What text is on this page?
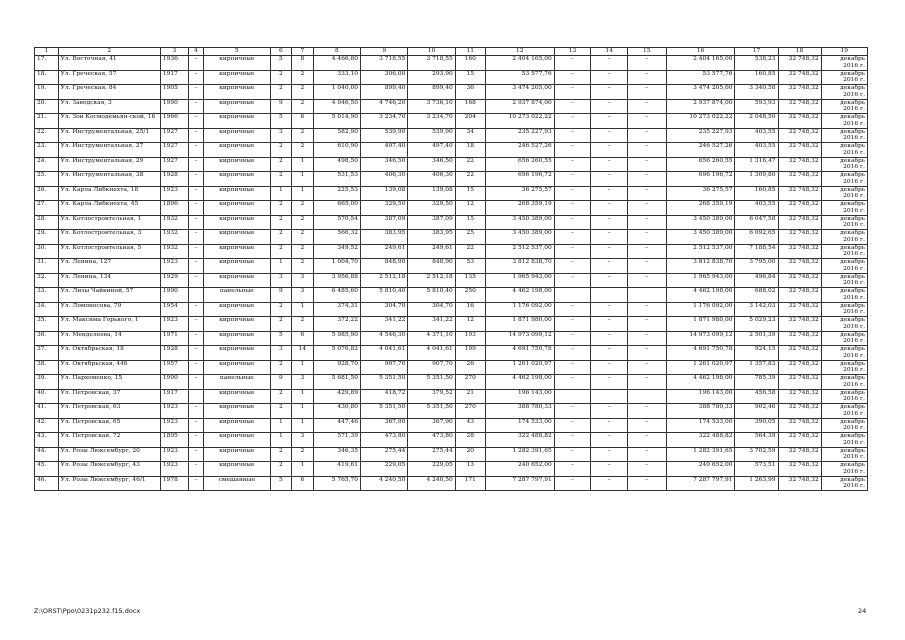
1	2	3	4	5	6	7	8	9	10	11	12	13	14	15	16	17	18	19
17.	Ул. Восточная, 41	1936	–	кирпичные	5	8	4 466,80	3 718,55	3 718,55	160	2 404 165,00	–	–	–	2 404 165,00	538,23	32 748,32	декабрь 2016 г.
18.	Ул. Греческая, 57	1917	–	кирпичные	2	2	333,10	306,00	293,90	15	53 577,76	–	–	–	53 577,76	160,85	32 748,32	декабрь 2016 г.
19.	Ул. Греческая, 84	1905	–	кирпичные	2	2	1 040,00	899,40	899,40	36	3 474 205,00	–	–	–	3 474 205,00	3 340,58	32 748,32	декабрь 2016 г.
20.	Ул. Заводская, 3	1990	–	кирпичные	9	2	4 946,50	4 746,20	3 736,10	168	2 937 874,00	–	–	–	2 937 874,00	593,93	32 748,32	декабрь 2016 г.
21.	Ул. Зои Космодемьян-ской, 16	1966	–	кирпичные	5	6	5 014,90	3 234,70	3 234,70	204	10 273 022,22	–	–	–	10 273 022,22	2 048,50	32 748,32	декабрь 2016 г.
22.	Ул. Инструментальная, 25/1	1927	–	кирпичные	3	2	582,90	539,90	539,90	34	235 227,93	–	–	–	235 227,93	403,55	32 748,32	декабрь 2016 г.
23.	Ул. Инструментальная, 27	1927	–	кирпичные	2	2	610,90	497,40	497,40	18	246 527,26	–	–	–	246 527,26	403,55	32 748,32	декабрь 2016 г.
24.	Ул. Инструментальная, 29	1927	–	кирпичные	2	1	498,50	346,50	346,50	22	656 260,55	–	–	–	656 260,55	1 316,47	32 748,32	декабрь 2016 г.
25.	Ул. Инструментальная, 38	1928	–	кирпичные	2	1	531,53	406,30	406,30	22	696 196,72	–	–	–	696 196,72	1 309,80	32 748,32	декабрь 2016 г.
26.	Ул. Карла Либкнехта, 18	1923	–	кирпичные	1	1	225,53	139,08	139,08	15	36 275,57	–	–	–	36 275,57	160,85	32 748,32	декабрь 2016 г.
27.	Ул. Карла Либкнехта, 45	1896	–	кирпичные	2	2	665,00	329,50	329,50	12	268 359,19	–	–	–	268 359,19	403,55	32 748,32	декабрь 2016 г.
28.	Ул. Котлостроительная, 1	1932	–	кирпичные	2	2	570,54	387,09	387,09	15	3 450 389,00	–	–	–	3 450 389,00	6 047,58	32 748,32	декабрь 2016 г.
29.	Ул. Котлостроительная, 3	1932	–	кирпичные	2	2	566,32	383,95	383,95	25	3 450 389,00	–	–	–	3 450 389,00	6 092,65	32 748,32	декабрь 2016 г.
30.	Ул. Котлостроительная, 5	1932	–	кирпичные	2	2	349,52	249,61	249,61	22	2 512 537,00	–	–	–	2 512 537,00	7 188,54	32 748,32	декабрь 2016 г.
31.	Ул. Ленина, 127	1923	–	кирпичные	1	2	1 004,70	848,90	848,90	53	3 812 838,70	–	–	–	3 812 838,70	3 795,00	32 748,32	декабрь 2016 г.
32.	Ул. Ленина, 134	1929	–	кирпичные	3	3	3 956,88	2 512,18	2 512,18	135	1 965 943,00	–	–	–	1 965 943,00	496,84	32 748,32	декабрь 2016 г.
33.	Ул. Лизы Чайкиной, 57	1990		панельные	9	3	6 485,60	5 810,40	5 810,40	250	4 462 198,00				4 462 198,00	688,02	32 748,32	декабрь 2016 г.
34.	Ул. Ломоносова, 79	1954	–	кирпичные	2	1	374,31	304,70	304,70	16	1 176 092,00	–	–	–	1 176 092,00	3 142,03	32 748,32	декабрь 2016 г.
35.	Ул. Максима Горького, 1	1923	–	кирпичные	2	2	372,22	341,22	341,22	12	1 871 980,00	–	–	–	1 871 980,00	5 029,23	32 748,32	декабрь 2016 г.
36.	Ул. Менделеева, 14	1971	–	кирпичные	5	6	5 985,90	4 546,30	4 371,10	193	14 973 099,12	–	–	–	14 973 099,12	2 501,39	32 748,32	декабрь 2016 г.
37.	Ул. Октябрьская, 18	1928	–	кирпичные	3	14	5 076,82	4 041,61	4 041,61	199	4 691 750,78	–	–	–	4 691 750,78	924,15	32 748,32	декабрь 2016 г.
38.	Ул. Октябрьская, 44б	1957	–	кирпичные	2	1	928,70	907,70	907,70	26	1 261 020,97	–	–	–	1 261 020,97	1 357,83	32 748,32	декабрь 2016 г.
39.	Ул. Пархоменко, 15	1990	–	панельные	9	3	5 681,50	5 351,50	5 351,50	270	4 462 198,00	–	–	–	4 462 198,00	785,39	32 748,32	декабрь 2016 г.
40.	Ул. Петровская, 37	1917		кирпичные	2	1	429,89	418,72	379,52	21	196 143,00				196 143,00	456,58	32 748,32	декабрь 2016 г.
41.	Ул. Петровская, 63	1923	–	кирпичные	2	1	430,80	5 351,50	5 351,50	270	388 780,33	–	–	–	388 780,33	902,46	32 748,32	декабрь 2016 г.
42.	Ул. Петровская, 65	1923	–	кирпичные	1	1	447,46	367,90	367,90	43	174 533,00	–	–	–	174 533,00	390,05	32 748,32	декабрь 2016 г.
43.	Ул. Петровская, 72	1895	–	кирпичные	1	3	571,39	473,80	473,80	28	322 488,82	–	–	–	322 488,82	564,39	32 748,32	декабрь 2016 г.
44.	Ул. Розы Люксембург, 20	1923	–	кирпичные	2	2	346,35	275,44	275,44	20	1 282 391,65	–	–	–	1 282 391,65	3 702,59	32 748,32	декабрь 2016 г.
45.	Ул. Розы Люксембург, 43	1923	–	кирпичные	2	1	419,61	229,05	229,05	13	240 652,00	–	–	–	240 652,00	573,51	32 748,32	декабрь 2016 г.
46.	Ул. Розы Люксембург, 46/1	1978	–	смешанные	5	6	5 765,70	4 240,50	4 240,50	171	7 287 797,91	–	–	–	7 287 797,91	1 263,99	32 748,32	декабрь 2016 г.
Z:\ORST\Ppo\0231p232.f15.docx	24
